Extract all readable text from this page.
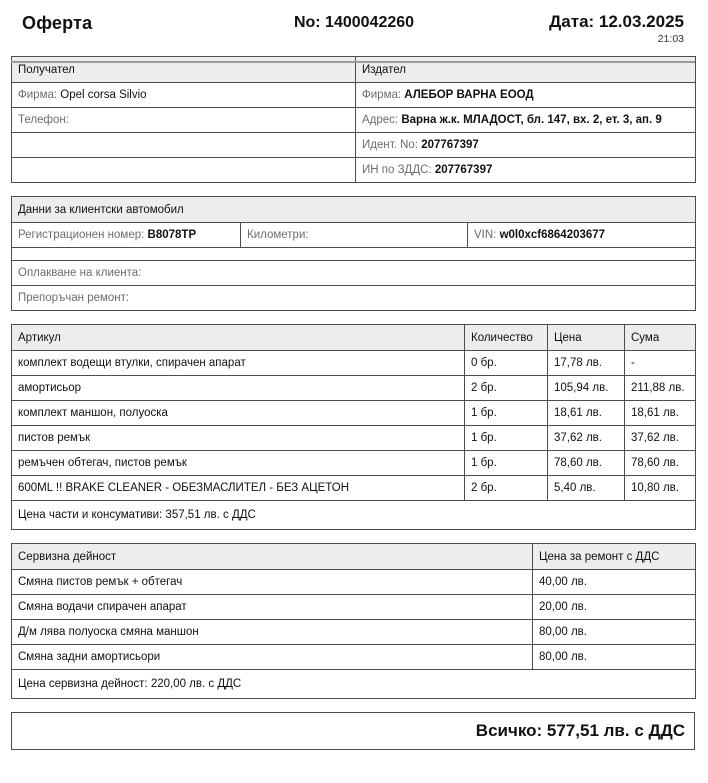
Оферта	No: 1400042260	Дата: 12.03.2025
21:03
Получател	Издател
Фирма: Opel corsa Silvio	Фирма: АЛЕБОР ВАРНА ЕООД
Телефон:	Адрес: Варна ж.к. МЛАДОСТ, бл. 147, вх. 2, ет. 3, ап. 9
	Идент. No: 207767397
	ИН по ЗДДС: 207767397
Данни за клиентски автомобил
Регистрационен номер: B8078TP	Километри:	VIN: w0l0xcf6864203677

Оплакване на клиента:
Препоръчан ремонт:
Артикул	Количество	Цена	Сума
комплект водещи втулки, спирачен апарат	0 бр.	17,78 лв.	-
амортисьор	2 бр.	105,94 лв.	211,88 лв.
комплект маншон, полуоска	1 бр.	18,61 лв.	18,61 лв.
пистов ремък	1 бр.	37,62 лв.	37,62 лв.
ремъчен обтегач, пистов ремък	1 бр.	78,60 лв.	78,60 лв.
600ML !! BRAKE CLEANER - ОБЕЗМАСЛИТЕЛ - БЕЗ АЦЕТОН	2 бр.	5,40 лв.	10,80 лв.
Цена части и консумативи: 357,51 лв. с ДДС			
Сервизна дейност	Цена за ремонт с ДДС
Смяна пистов ремък + обтегач	40,00 лв.
Смяна водачи спирачен апарат	20,00 лв.
Д/м лява полуоска смяна маншон	80,00 лв.
Смяна задни амортисьори	80,00 лв.
Цена сервизна дейност: 220,00 лв. с ДДС	
Всичко: 577,51 лв. с ДДС
